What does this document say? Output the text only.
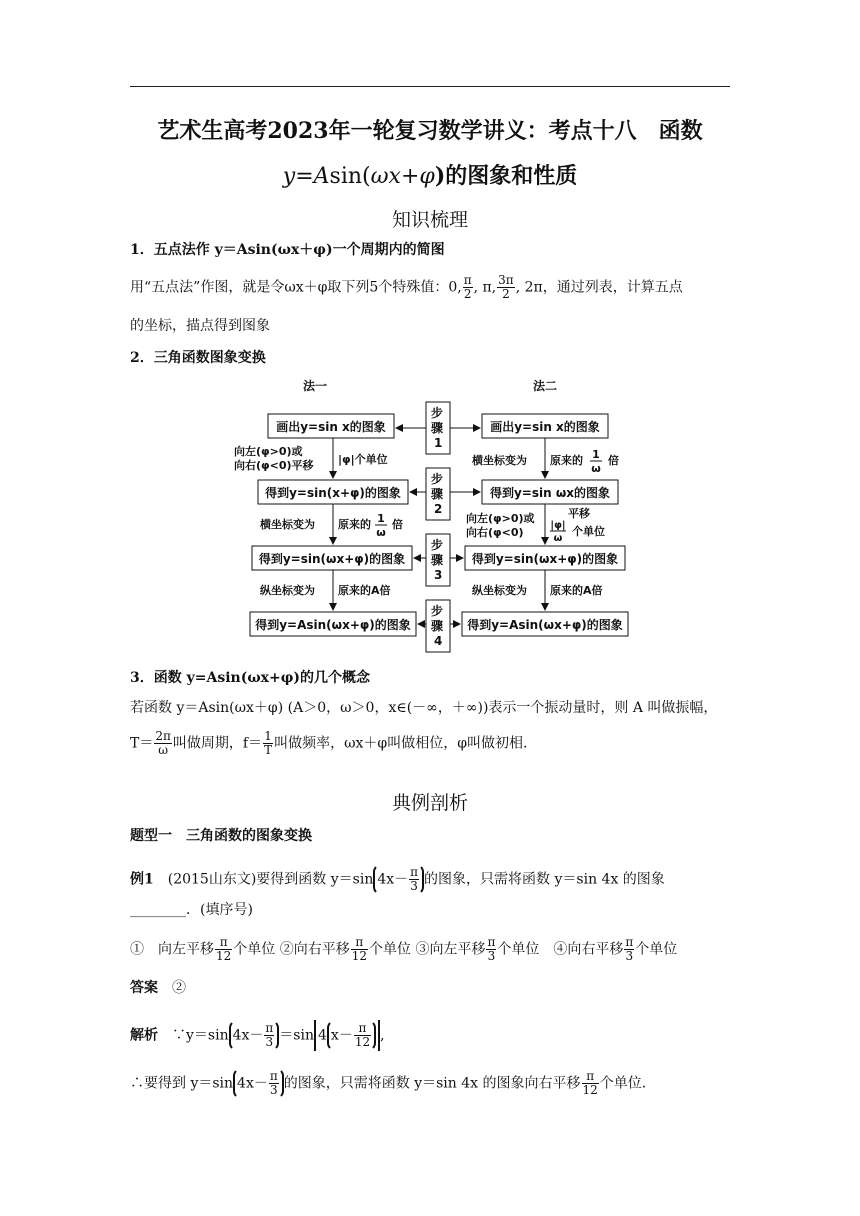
艺术生高考2023年一轮复习数学讲义：考点十八　函数
y=Asin(ωx+φ)的图象和性质
知识梳理
1．五点法作 y＝Asin(ωx＋φ)一个周期内的简图
用“五点法”作图，就是令ωx＋φ取下列5个特殊值：0, $\frac{\pi}{2}$ , π, $\frac{3\pi}{2}$ , 2π，通过列表，计算五点
的坐标，描点得到图象
2．三角函数图象变换
法一	法二
画出y=sin x的图象
得到y=sin(x+φ)的图象
得到y=sin(ωx+φ)的图象
得到y=Asin(ωx+φ)的图象
画出y=sin x的图象
得到y=sin ωx的图象
得到y=sin(ωx+φ)的图象
得到y=Asin(ωx+φ)的图象
步骤 1
步骤 2
步骤 3
步骤 4
向左(φ>0)或
向右(φ<0)平移 |φ|个单位
横坐标变为 原来的 1
ω
倍
纵坐标变为 原来的A倍
横坐标变为 原来的 1
ω
倍
向左(φ>0)或
向右(φ<0)
平移
|φ|
ω
个单位
纵坐标变为 原来的A倍
3．函数 y=Asin(ωx+φ)的几个概念
若函数 y＝Asin(ωx＋φ) (A＞0，ω＞0，x∈(－∞，＋∞))表示一个振动量时，则 A 叫做振幅，
$T= \frac{2\pi}{\omega}$ 叫做周期，$f= \frac{1}{T}$ 叫做频率，ωx＋φ叫做相位，φ叫做初相.
典例剖析
题型一　三角函数的图象变换
例1　 (2015山东文)要得到函数 y＝sin $4x- \frac{\pi}{3}$ 的图象，只需将函数 y＝sin 4x 的图象
________．(填序号)
①　向左平移 $\frac{\pi}{12}$ 个单位 ②向右平移 $\frac{\pi}{12}$ 个单位 ③向左平移 $\frac{\pi}{3}$ 个单位　 ④向右平移 $\frac{\pi}{3}$ 个单位
答案　 ②
解析　 ∵y＝sin $4x- \frac{\pi}{3} =\sin$ 4 $x- \frac{\pi}{12}$ ,
∴要得到 y＝sin $4x- \frac{\pi}{3}$ 的图象，只需将函数 y＝sin 4x 的图象向右平移 $\frac{\pi}{12}$ 个单位.
